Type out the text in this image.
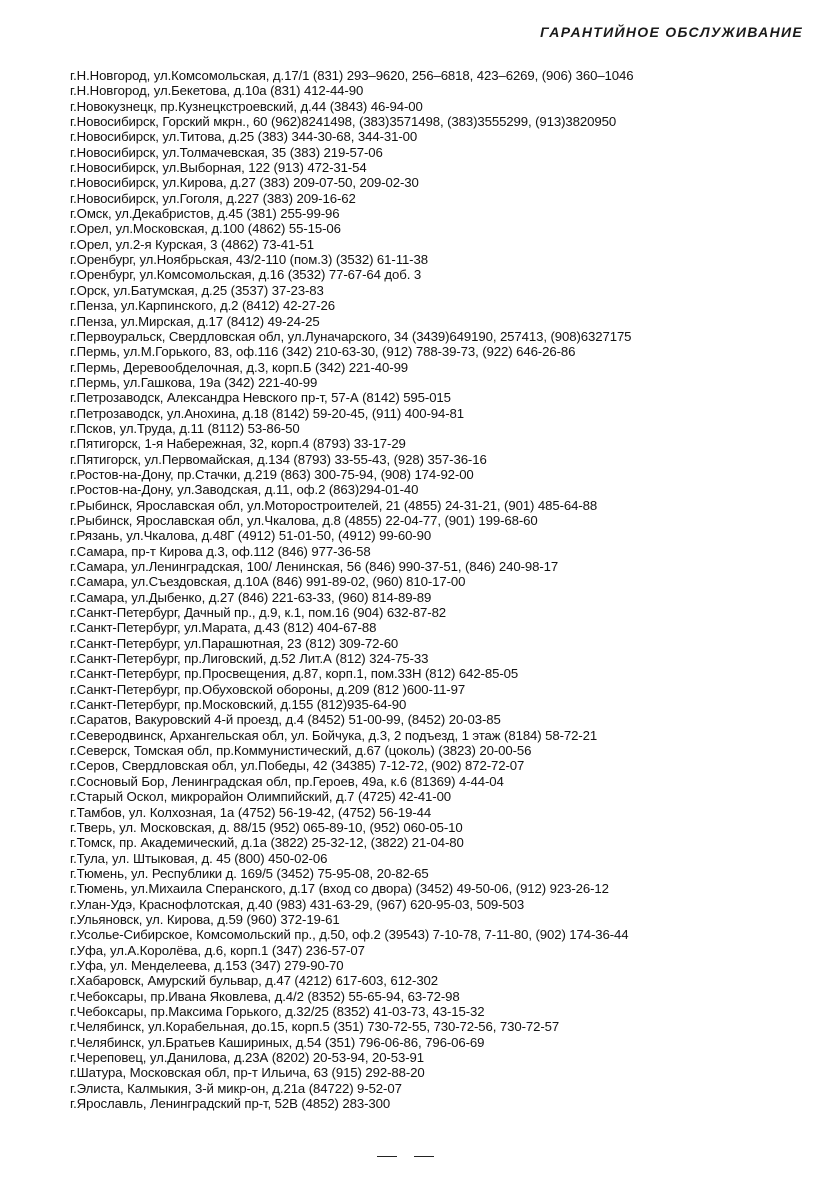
ГАРАНТИЙНОЕ ОБСЛУЖИВАНИЕ
г.Н.Новгород, ул.Комсомольская, д.17/1 (831) 293–9620, 256–6818, 423–6269, (906) 360–1046
г.Н.Новгород, ул.Бекетова, д.10а (831) 412-44-90
г.Новокузнецк, пр.Кузнецкстроевский, д.44 (3843) 46-94-00
г.Новосибирск, Горский мкрн., 60 (962)8241498, (383)3571498, (383)3555299, (913)3820950
г.Новосибирск, ул.Титова, д.25 (383) 344-30-68, 344-31-00
г.Новосибирск, ул.Толмачевская, 35 (383) 219-57-06
г.Новосибирск, ул.Выборная, 122 (913) 472-31-54
г.Новосибирск, ул.Кирова, д.27 (383) 209-07-50, 209-02-30
г.Новосибирск, ул.Гоголя, д.227 (383) 209-16-62
г.Омск, ул.Декабристов, д.45 (381) 255-99-96
г.Орел, ул.Московская, д.100 (4862) 55-15-06
г.Орел, ул.2-я Курская, 3 (4862) 73-41-51
г.Оренбург, ул.Ноябрьская, 43/2-110 (пом.3) (3532) 61-11-38
г.Оренбург, ул.Комсомольская, д.16 (3532) 77-67-64 доб. 3
г.Орск, ул.Батумская, д.25 (3537) 37-23-83
г.Пенза, ул.Карпинского, д.2 (8412) 42-27-26
г.Пенза, ул.Мирская, д.17 (8412) 49-24-25
г.Первоуральск, Свердловская обл, ул.Луначарского, 34 (3439)649190, 257413, (908)6327175
г.Пермь, ул.М.Горького, 83, оф.116 (342) 210-63-30, (912) 788-39-73, (922) 646-26-86
г.Пермь, Деревообделочная, д.3, корп.Б (342) 221-40-99
г.Пермь, ул.Гашкова, 19а (342) 221-40-99
г.Петрозаводск, Александра Невского пр-т, 57-А (8142) 595-015
г.Петрозаводск, ул.Анохина, д.18 (8142) 59-20-45, (911) 400-94-81
г.Псков, ул.Труда, д.11 (8112) 53-86-50
г.Пятигорск, 1-я Набережная, 32, корп.4 (8793) 33-17-29
г.Пятигорск, ул.Первомайская, д.134 (8793) 33-55-43, (928) 357-36-16
г.Ростов-на-Дону, пр.Стачки, д.219 (863) 300-75-94, (908) 174-92-00
г.Ростов-на-Дону, ул.Заводская, д.11, оф.2 (863)294-01-40
г.Рыбинск, Ярославская обл, ул.Моторостроителей, 21 (4855) 24-31-21, (901) 485-64-88
г.Рыбинск, Ярославская обл, ул.Чкалова, д.8 (4855) 22-04-77, (901) 199-68-60
г.Рязань, ул.Чкалова, д.48Г (4912) 51-01-50, (4912) 99-60-90
г.Самара, пр-т Кирова д.3, оф.112 (846) 977-36-58
г.Самара, ул.Ленинградская, 100/ Ленинская, 56 (846) 990-37-51, (846) 240-98-17
г.Самара, ул.Съездовская, д.10А (846) 991-89-02, (960) 810-17-00
г.Самара, ул.Дыбенко, д.27 (846) 221-63-33, (960) 814-89-89
г.Санкт-Петербург, Дачный пр., д.9, к.1, пом.16 (904) 632-87-82
г.Санкт-Петербург, ул.Марата, д.43 (812) 404-67-88
г.Санкт-Петербург, ул.Парашютная, 23 (812) 309-72-60
г.Санкт-Петербург, пр.Лиговский, д.52 Лит.А (812) 324-75-33
г.Санкт-Петербург, пр.Просвещения, д.87, корп.1, пом.33Н (812) 642-85-05
г.Санкт-Петербург, пр.Обуховской обороны, д.209 (812 )600-11-97
г.Санкт-Петербург, пр.Московский, д.155 (812)935-64-90
г.Саратов, Вакуровский 4-й проезд, д.4 (8452) 51-00-99, (8452) 20-03-85
г.Северодвинск, Архангельская обл, ул. Бойчука, д.3, 2 подъезд, 1 этаж (8184) 58-72-21
г.Северск, Томская обл, пр.Коммунистический, д.67 (цоколь) (3823) 20-00-56
г.Серов, Свердловская обл, ул.Победы, 42 (34385) 7-12-72, (902) 872-72-07
г.Сосновый Бор, Ленинградская обл, пр.Героев, 49а, к.6 (81369) 4-44-04
г.Старый Оскол, микрорайон Олимпийский, д.7 (4725) 42-41-00
г.Тамбов, ул. Колхозная, 1а (4752) 56-19-42, (4752) 56-19-44
г.Тверь, ул. Московская, д. 88/15 (952) 065-89-10, (952) 060-05-10
г.Томск, пр. Академический, д.1а (3822) 25-32-12, (3822) 21-04-80
г.Тула, ул. Штыковая, д. 45 (800) 450-02-06
г.Тюмень, ул. Республики д. 169/5 (3452) 75-95-08, 20-82-65
г.Тюмень, ул.Михаила Сперанского, д.17 (вход со двора) (3452) 49-50-06, (912) 923-26-12
г.Улан-Удэ, Краснофлотская, д.40 (983) 431-63-29, (967) 620-95-03, 509-503
г.Ульяновск, ул. Кирова, д.59 (960) 372-19-61
г.Усолье-Сибирское, Комсомольский пр., д.50, оф.2 (39543) 7-10-78, 7-11-80, (902) 174-36-44
г.Уфа, ул.А.Королёва, д.6, корп.1 (347) 236-57-07
г.Уфа, ул. Менделеева, д.153 (347) 279-90-70
г.Хабаровск, Амурский бульвар, д.47 (4212) 617-603, 612-302
г.Чебоксары, пр.Ивана Яковлева, д.4/2 (8352) 55-65-94, 63-72-98
г.Чебоксары, пр.Максима Горького, д.32/25 (8352) 41-03-73, 43-15-32
г.Челябинск, ул.Корабельная, до.15, корп.5 (351) 730-72-55, 730-72-56, 730-72-57
г.Челябинск, ул.Братьев Кашириных, д.54 (351) 796-06-86, 796-06-69
г.Череповец, ул.Данилова, д.23А (8202) 20-53-94, 20-53-91
г.Шатура, Московская обл, пр-т Ильича, 63 (915) 292-88-20
г.Элиста, Калмыкия, 3-й микр-он, д.21а (84722) 9-52-07
г.Ярославль, Ленинградский пр-т, 52В (4852) 283-300
